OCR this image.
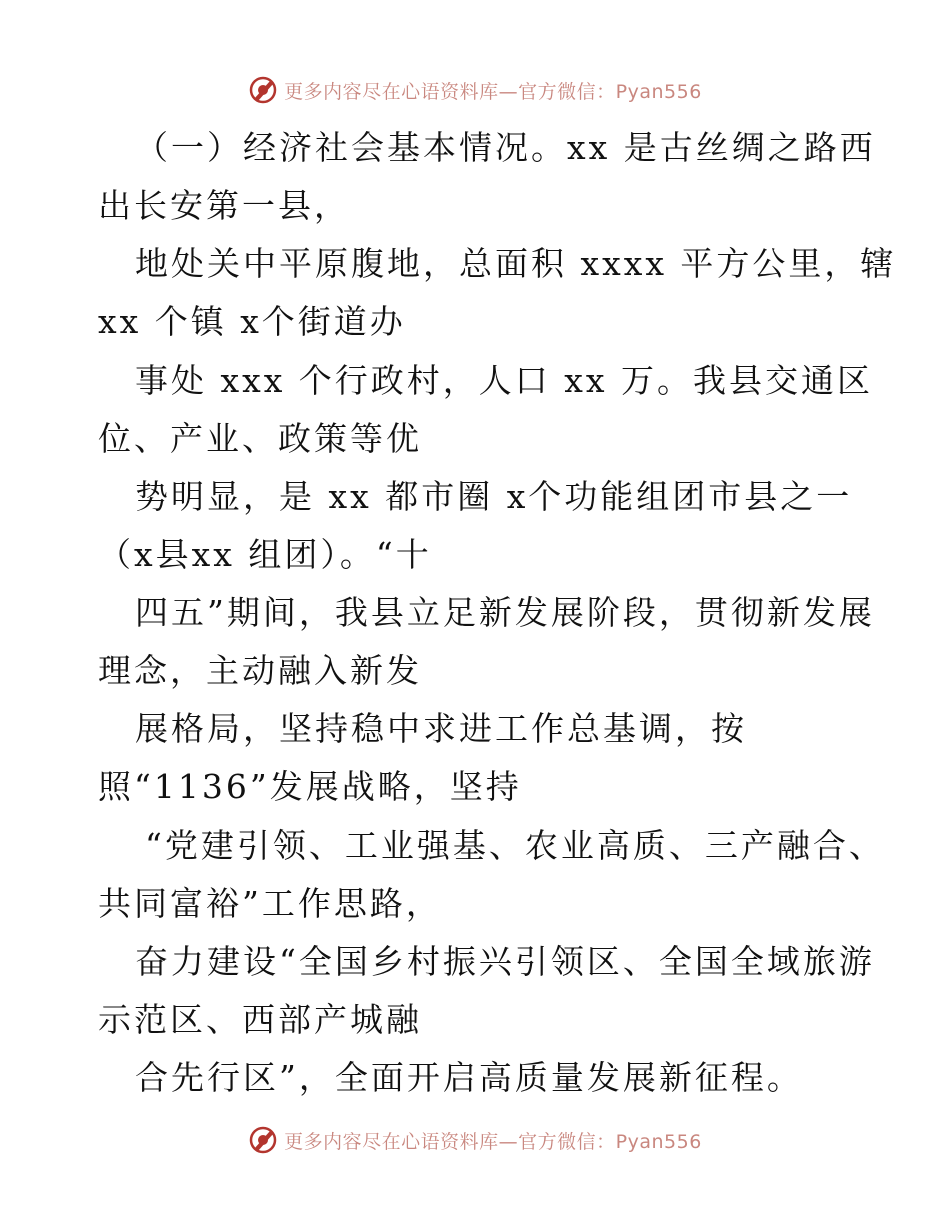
更多内容尽在心语资料库—官方微信：Pyan556
（一）经济社会基本情况。xx 是古丝绸之路西
出长安第一县，
地处关中平原腹地，总面积 xxxx 平方公里，辖
xx 个镇 x个街道办
事处 xxx 个行政村，人口 xx 万。我县交通区
位、产业、政策等优
势明显，是 xx 都市圈 x个功能组团市县之一
（x县xx 组团）。“十
四五”期间，我县立足新发展阶段，贯彻新发展
理念，主动融入新发
展格局，坚持稳中求进工作总基调，按
照“1136”发展战略，坚持
“党建引领、工业强基、农业高质、三产融合、
共同富裕”工作思路，
奋力建设“全国乡村振兴引领区、全国全域旅游
示范区、西部产城融
合先行区”，全面开启高质量发展新征程。
更多内容尽在心语资料库—官方微信：Pyan556
